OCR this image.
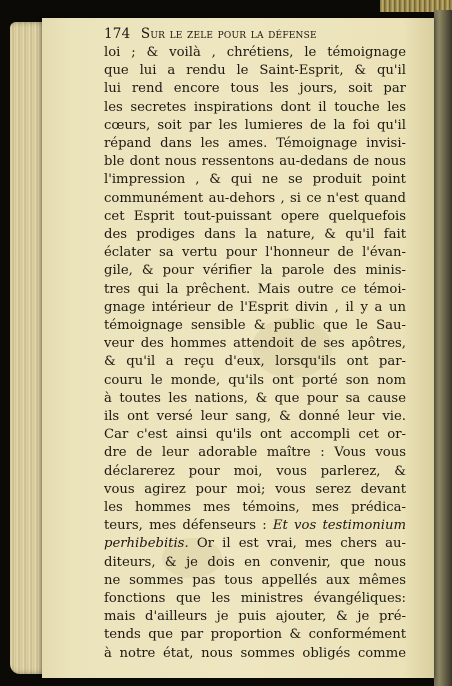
174 Sur le zele pour la défense
loi ; & voilà , chrétiens, le témoignage
que lui a rendu le Saint-Esprit, & qu'il
lui rend encore tous les jours, soit par
les secretes inspirations dont il touche les
cœurs, soit par les lumieres de la foi qu'il
répand dans les ames. Témoignage invisi-
ble dont nous ressentons au-dedans de nous
l'impression , & qui ne se produit point
communément au-dehors , si ce n'est quand
cet Esprit tout-puissant opere quelquefois
des prodiges dans la nature, & qu'il fait
éclater sa vertu pour l'honneur de l'évan-
gile, & pour vérifier la parole des minis-
tres qui la prêchent. Mais outre ce témoi-
gnage intérieur de l'Esprit divin , il y a un
témoignage sensible & public que le Sau-
veur des hommes attendoit de ses apôtres,
& qu'il a reçu d'eux, lorsqu'ils ont par-
couru le monde, qu'ils ont porté son nom
à toutes les nations, & que pour sa cause
ils ont versé leur sang, & donné leur vie.
Car c'est ainsi qu'ils ont accompli cet or-
dre de leur adorable maître : Vous vous
déclarerez pour moi, vous parlerez, &
vous agirez pour moi; vous serez devant
les hommes mes témoins, mes prédica-
teurs, mes défenseurs : Et vos testimonium
perhibebitis. Or il est vrai, mes chers au-
diteurs, & je dois en convenir, que nous
ne sommes pas tous appellés aux mêmes
fonctions que les ministres évangéliques:
mais d'ailleurs je puis ajouter, & je pré-
tends que par proportion & conformément
à notre état, nous sommes obligés comme
